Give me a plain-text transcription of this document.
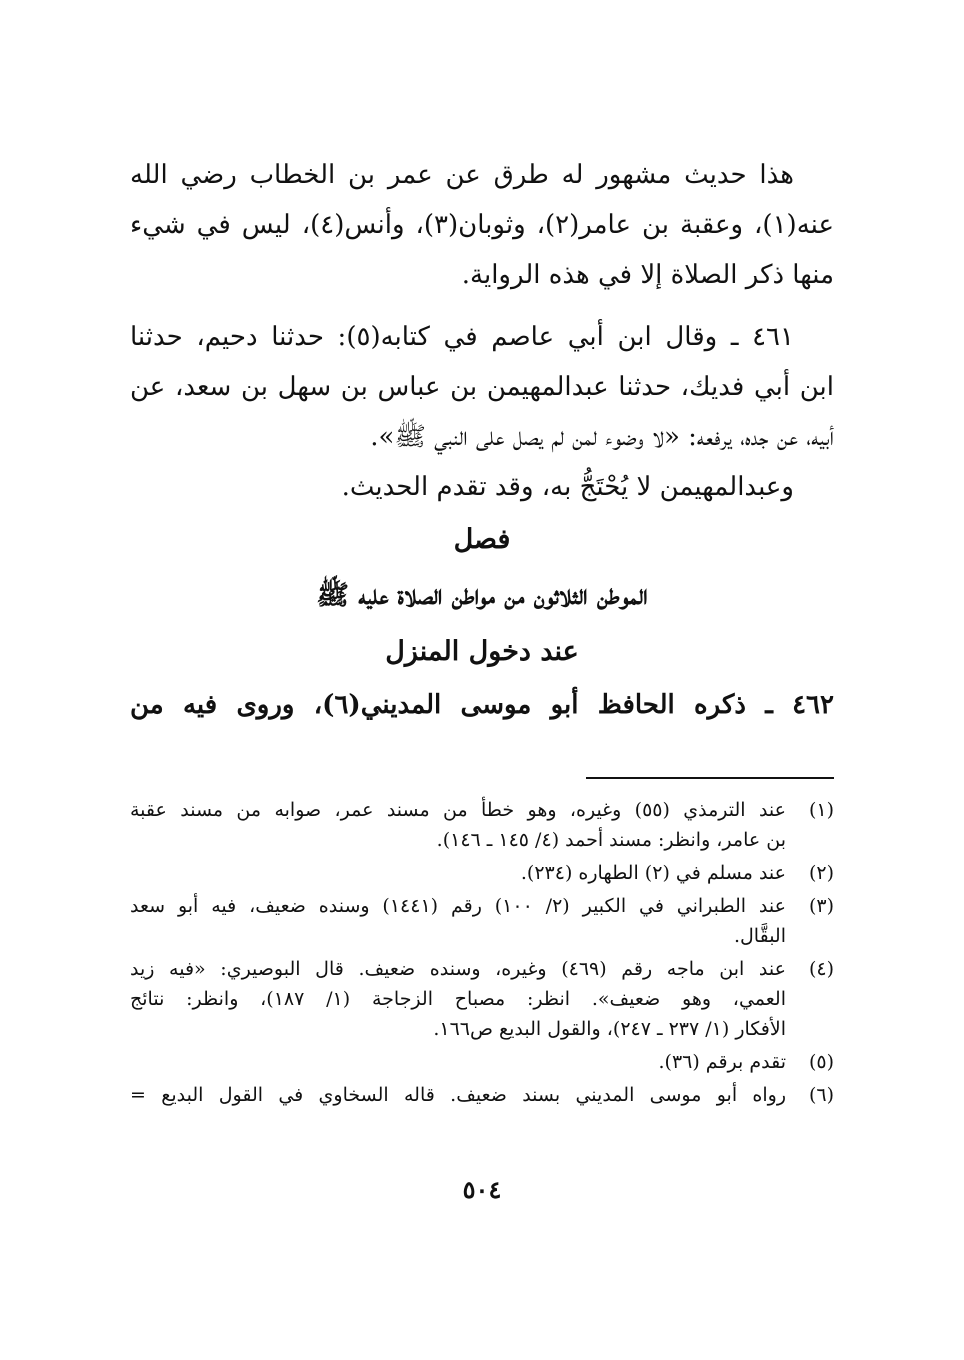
هذا حديث مشهور له طرق عن عمر بن الخطاب رضي الله
عنه(١)، وعقبة بن عامر(٢)، وثوبان(٣)، وأنس(٤)، ليس في شيء
منها ذكر الصلاة إلا في هذه الرواية.
٤٦١ ـ وقال ابن أبي عاصم في كتابه(٥): حدثنا دحيم، حدثنا
ابن أبي فديك، حدثنا عبدالمهيمن بن عباس بن سهل بن سعد، عن
أبيه، عن جده، يرفعه: «لا وضوء لمن لم يصل على النبي ﷺ».
وعبدالمهيمن لا يُحْتَجُّ به، وقد تقدم الحديث.
فصل
الموطن الثلاثون من مواطن الصلاة عليه ﷺ
عند دخول المنزل
٤٦٢ ـ ذكره الحافظ أبو موسى المديني(٦)، وروى فيه من
(١)
عند الترمذي (٥٥) وغيره، وهو خطأ من مسند عمر، صوابه من مسند عقبة
بن عامر، وانظر: مسند أحمد (٤/ ١٤٥ ـ ١٤٦).
(٢)
عند مسلم في (٢) الطهاره (٢٣٤).
(٣)
عند الطبراني في الكبير (٢/ ١٠٠) رقم (١٤٤١) وسنده ضعيف، فيه أبو سعد
البقَّال.
(٤)
عند ابن ماجه رقم (٤٦٩) وغيره، وسنده ضعيف. قال البوصيري: «فيه زيد
العمي، وهو ضعيف». انظر: مصباح الزجاجة (١/ ١٨٧)، وانظر: نتائج
الأفكار (١/ ٢٣٧ ـ ٢٤٧)، والقول البديع ص١٦٦.
(٥)
تقدم برقم (٣٦).
(٦)
رواه أبو موسى المديني بسند ضعيف. قاله السخاوي في القول البديع =
٥٠٤
